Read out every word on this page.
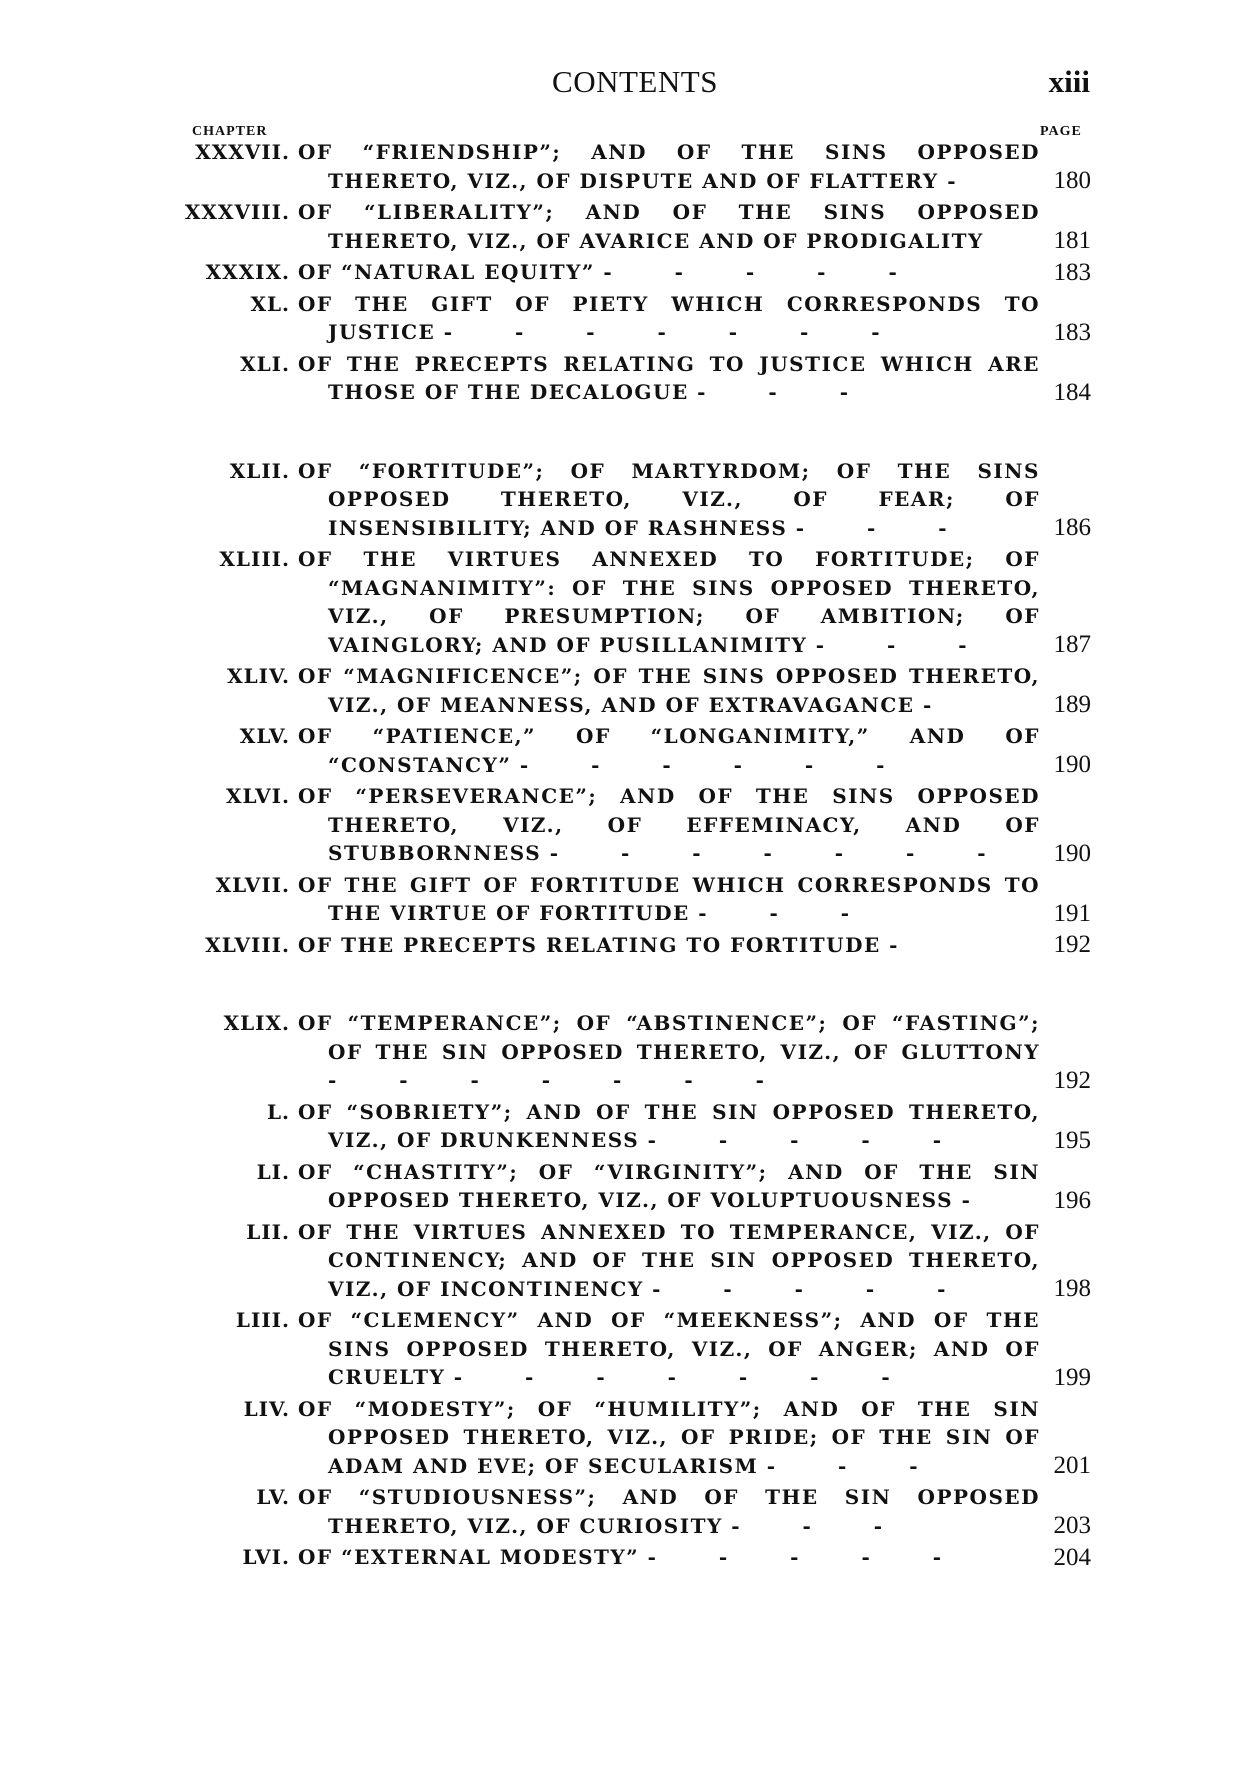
CONTENTS	xiii
CHAPTER	PAGE
XXXVII. OF “FRIENDSHIP”; AND OF THE SINS OPPOSED THERETO, VIZ., OF DISPUTE AND OF FLATTERY -	180
XXXVIII. OF “LIBERALITY”; AND OF THE SINS OPPOSED THERETO, VIZ., OF AVARICE AND OF PRODIGALITY	181
XXXIX. OF “NATURAL EQUITY” - - - - -	183
XL. OF THE GIFT OF PIETY WHICH CORRESPONDS TO JUSTICE - - - - - - -	183
XLI. OF THE PRECEPTS RELATING TO JUSTICE WHICH ARE THOSE OF THE DECALOGUE - - -	184
XLII. OF “FORTITUDE”; OF MARTYRDOM; OF THE SINS OPPOSED THERETO, VIZ., OF FEAR; OF INSENSIBILITY; AND OF RASHNESS - - -	186
XLIII. OF THE VIRTUES ANNEXED TO FORTITUDE; OF “MAGNANIMITY”: OF THE SINS OPPOSED THERETO, VIZ., OF PRESUMPTION; OF AMBITION; OF VAINGLORY; AND OF PUSILLANIMITY - - -	187
XLIV. OF “MAGNIFICENCE”; OF THE SINS OPPOSED THERETO, VIZ., OF MEANNESS, AND OF EXTRAVAGANCE -	189
XLV. OF “PATIENCE,” OF “LONGANIMITY,” AND OF “CONSTANCY” - - - - - -	190
XLVI. OF “PERSEVERANCE”; AND OF THE SINS OPPOSED THERETO, VIZ., OF EFFEMINACY, AND OF STUBBORNNESS - - - - - - -	190
XLVII. OF THE GIFT OF FORTITUDE WHICH CORRESPONDS TO THE VIRTUE OF FORTITUDE - - -	191
XLVIII. OF THE PRECEPTS RELATING TO FORTITUDE -	192
XLIX. OF “TEMPERANCE”; OF “ABSTINENCE”; OF “FASTING”; OF THE SIN OPPOSED THERETO, VIZ., OF GLUTTONY - - - - - - -	192
L. OF “SOBRIETY”; AND OF THE SIN OPPOSED THERETO, VIZ., OF DRUNKENNESS - - - - -	195
LI. OF “CHASTITY”; OF “VIRGINITY”; AND OF THE SIN OPPOSED THERETO, VIZ., OF VOLUPTUOUSNESS -	196
LII. OF THE VIRTUES ANNEXED TO TEMPERANCE, VIZ., OF CONTINENCY; AND OF THE SIN OPPOSED THERETO, VIZ., OF INCONTINENCY - - - - -	198
LIII. OF “CLEMENCY” AND OF “MEEKNESS”; AND OF THE SINS OPPOSED THERETO, VIZ., OF ANGER; AND OF CRUELTY - - - - - - -	199
LIV. OF “MODESTY”; OF “HUMILITY”; AND OF THE SIN OPPOSED THERETO, VIZ., OF PRIDE; OF THE SIN OF ADAM AND EVE; OF SECULARISM - - -	201
LV. OF “STUDIOUSNESS”; AND OF THE SIN OPPOSED THERETO, VIZ., OF CURIOSITY - - -	203
LVI. OF “EXTERNAL MODESTY” - - - - -	204
